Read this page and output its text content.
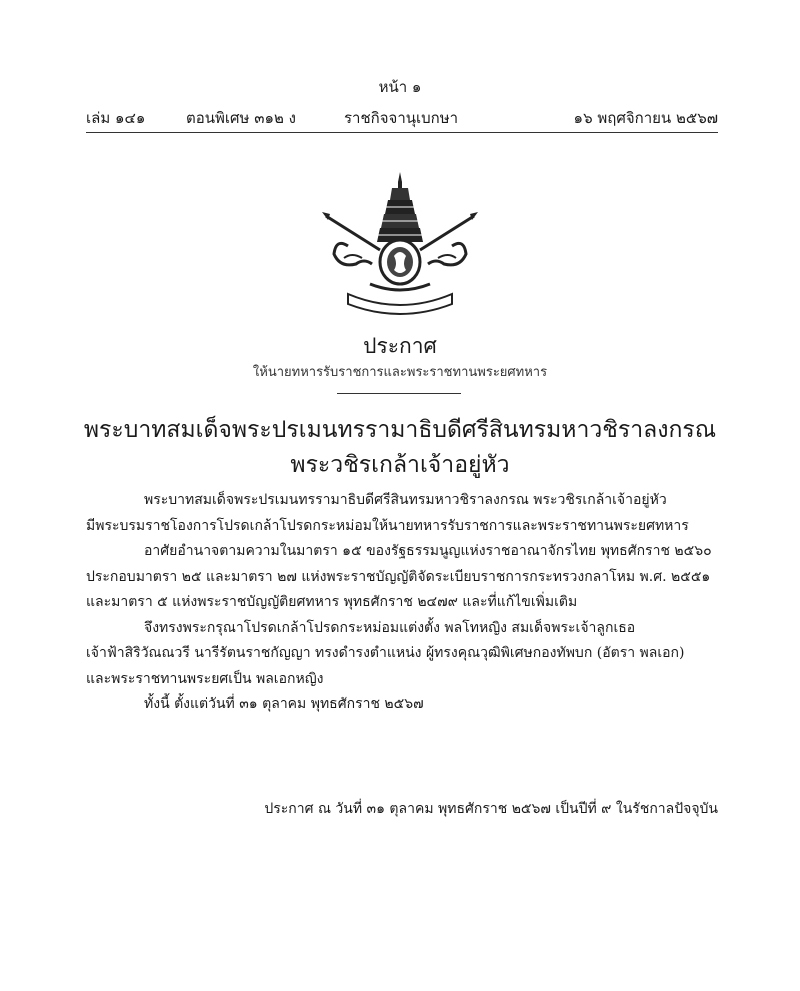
หน้า ๑
เล่ม ๑๔๑	ตอนพิเศษ ๓๑๒ ง	ราชกิจจานุเบกษา	๑๖ พฤศจิกายน ๒๕๖๗
ประกาศ
ให้นายทหารรับราชการและพระราชทานพระยศทหาร
พระบาทสมเด็จพระปรเมนทรรามาธิบดีศรีสินทรมหาวชิราลงกรณ
พระวชิรเกล้าเจ้าอยู่หัว

พระบาทสมเด็จพระปรเมนทรรามาธิบดีศรีสินทรมหาวชิราลงกรณ พระวชิรเกล้าเจ้าอยู่หัว

มีพระบรมราชโองการโปรดเกล้าโปรดกระหม่อมให้นายทหารรับราชการและพระราชทานพระยศทหาร

อาศัยอำนาจตามความในมาตรา ๑๕ ของรัฐธรรมนูญแห่งราชอาณาจักรไทย พุทธศักราช ๒๕๖๐

ประกอบมาตรา ๒๕ และมาตรา ๒๗ แห่งพระราชบัญญัติจัดระเบียบราชการกระทรวงกลาโหม พ.ศ. ๒๕๕๑

และมาตรา ๕ แห่งพระราชบัญญัติยศทหาร พุทธศักราช ๒๔๗๙ และที่แก้ไขเพิ่มเติม

จึงทรงพระกรุณาโปรดเกล้าโปรดกระหม่อมแต่งตั้ง พลโทหญิง สมเด็จพระเจ้าลูกเธอ

เจ้าฟ้าสิริวัณณวรี นารีรัตนราชกัญญา ทรงดำรงตำแหน่ง ผู้ทรงคุณวุฒิพิเศษกองทัพบก (อัตรา พลเอก)

และพระราชทานพระยศเป็น พลเอกหญิง

ทั้งนี้ ตั้งแต่วันที่ ๓๑ ตุลาคม พุทธศักราช ๒๕๖๗

ประกาศ ณ วันที่ ๓๑ ตุลาคม พุทธศักราช ๒๕๖๗ เป็นปีที่ ๙ ในรัชกาลปัจจุบัน
